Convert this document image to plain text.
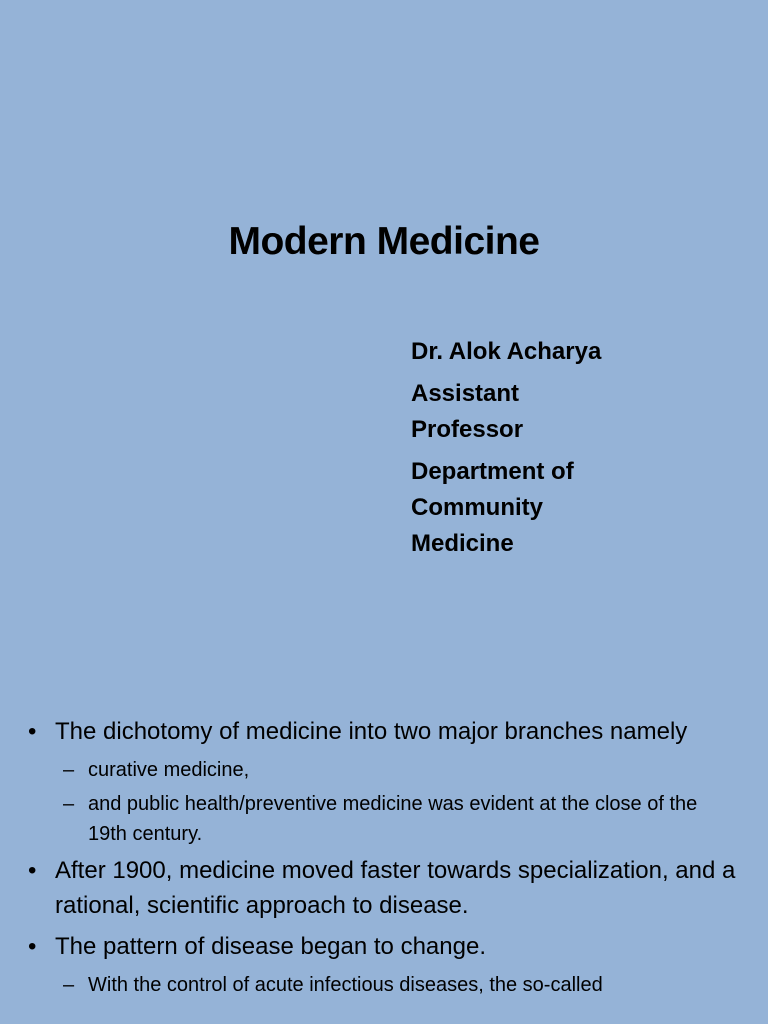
Modern Medicine
Dr. Alok Acharya
Assistant
Professor
Department of
Community
Medicine
• The dichotomy of medicine into two major branches namely
– curative medicine,
– and public health/preventive medicine was evident at the close of the 19th century.
• After 1900, medicine moved faster towards specialization, and a rational, scientific approach to disease.
• The pattern of disease began to change.
– With the control of acute infectious diseases, the so-called
